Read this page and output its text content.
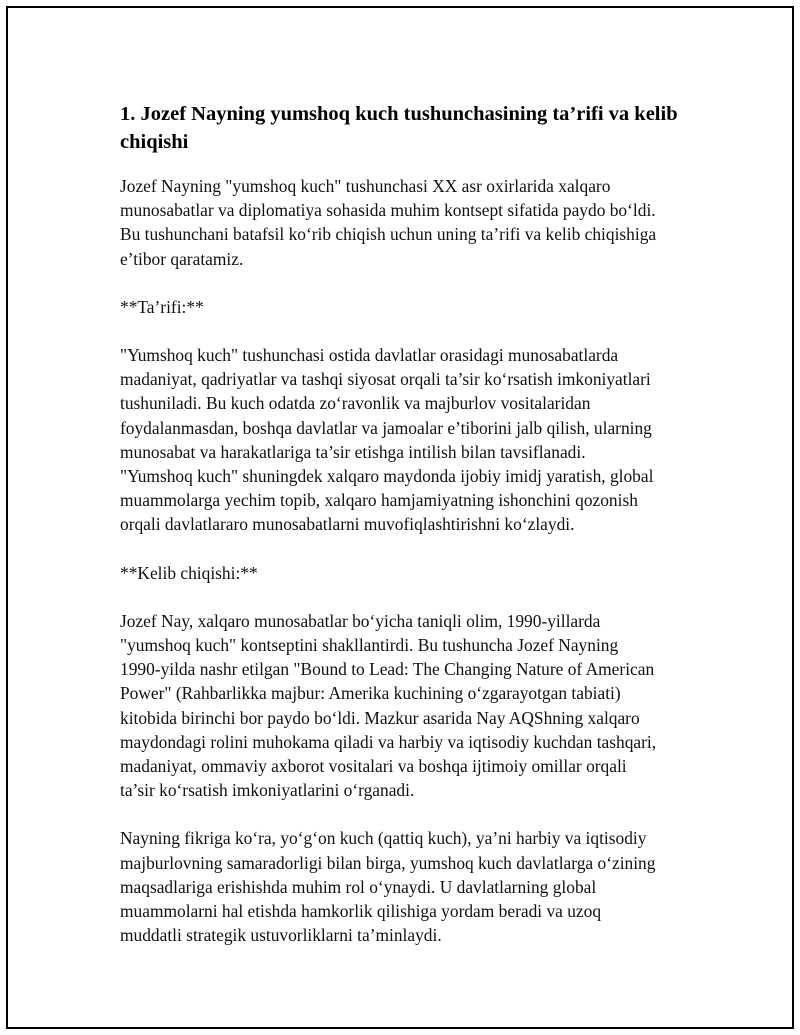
1. Jozef Nayning yumshoq kuch tushunchasining ta’rifi va kelib chiqishi

Jozef Nayning "yumshoq kuch" tushunchasi XX asr oxirlarida xalqaro
munosabatlar va diplomatiya sohasida muhim kontsept sifatida paydo bo‘ldi.
Bu tushunchani batafsil ko‘rib chiqish uchun uning ta’rifi va kelib chiqishiga
e’tibor qaratamiz.

**Ta’rifi:**

"Yumshoq kuch" tushunchasi ostida davlatlar orasidagi munosabatlarda
madaniyat, qadriyatlar va tashqi siyosat orqali ta’sir ko‘rsatish imkoniyatlari
tushuniladi. Bu kuch odatda zo‘ravonlik va majburlov vositalaridan
foydalanmasdan, boshqa davlatlar va jamoalar e’tiborini jalb qilish, ularning
munosabat va harakatlariga ta’sir etishga intilish bilan tavsiflanadi.
"Yumshoq kuch" shuningdek xalqaro maydonda ijobiy imidj yaratish, global
muammolarga yechim topib, xalqaro hamjamiyatning ishonchini qozonish
orqali davlatlararo munosabatlarni muvofiqlashtirishni ko‘zlaydi.

**Kelib chiqishi:**

Jozef Nay, xalqaro munosabatlar bo‘yicha taniqli olim, 1990-yillarda
"yumshoq kuch" kontseptini shakllantirdi. Bu tushuncha Jozef Nayning
1990-yilda nashr etilgan "Bound to Lead: The Changing Nature of American
Power" (Rahbarlikka majbur: Amerika kuchining o‘zgarayotgan tabiati)
kitobida birinchi bor paydo bo‘ldi. Mazkur asarida Nay AQShning xalqaro
maydondagi rolini muhokama qiladi va harbiy va iqtisodiy kuchdan tashqari,
madaniyat, ommaviy axborot vositalari va boshqa ijtimoiy omillar orqali
ta’sir ko‘rsatish imkoniyatlarini o‘rganadi.

Nayning fikriga ko‘ra, yo‘g‘on kuch (qattiq kuch), ya’ni harbiy va iqtisodiy
majburlovning samaradorligi bilan birga, yumshoq kuch davlatlarga o‘zining
maqsadlariga erishishda muhim rol o‘ynaydi. U davlatlarning global
muammolarni hal etishda hamkorlik qilishiga yordam beradi va uzoq
muddatli strategik ustuvorliklarni ta’minlaydi.
